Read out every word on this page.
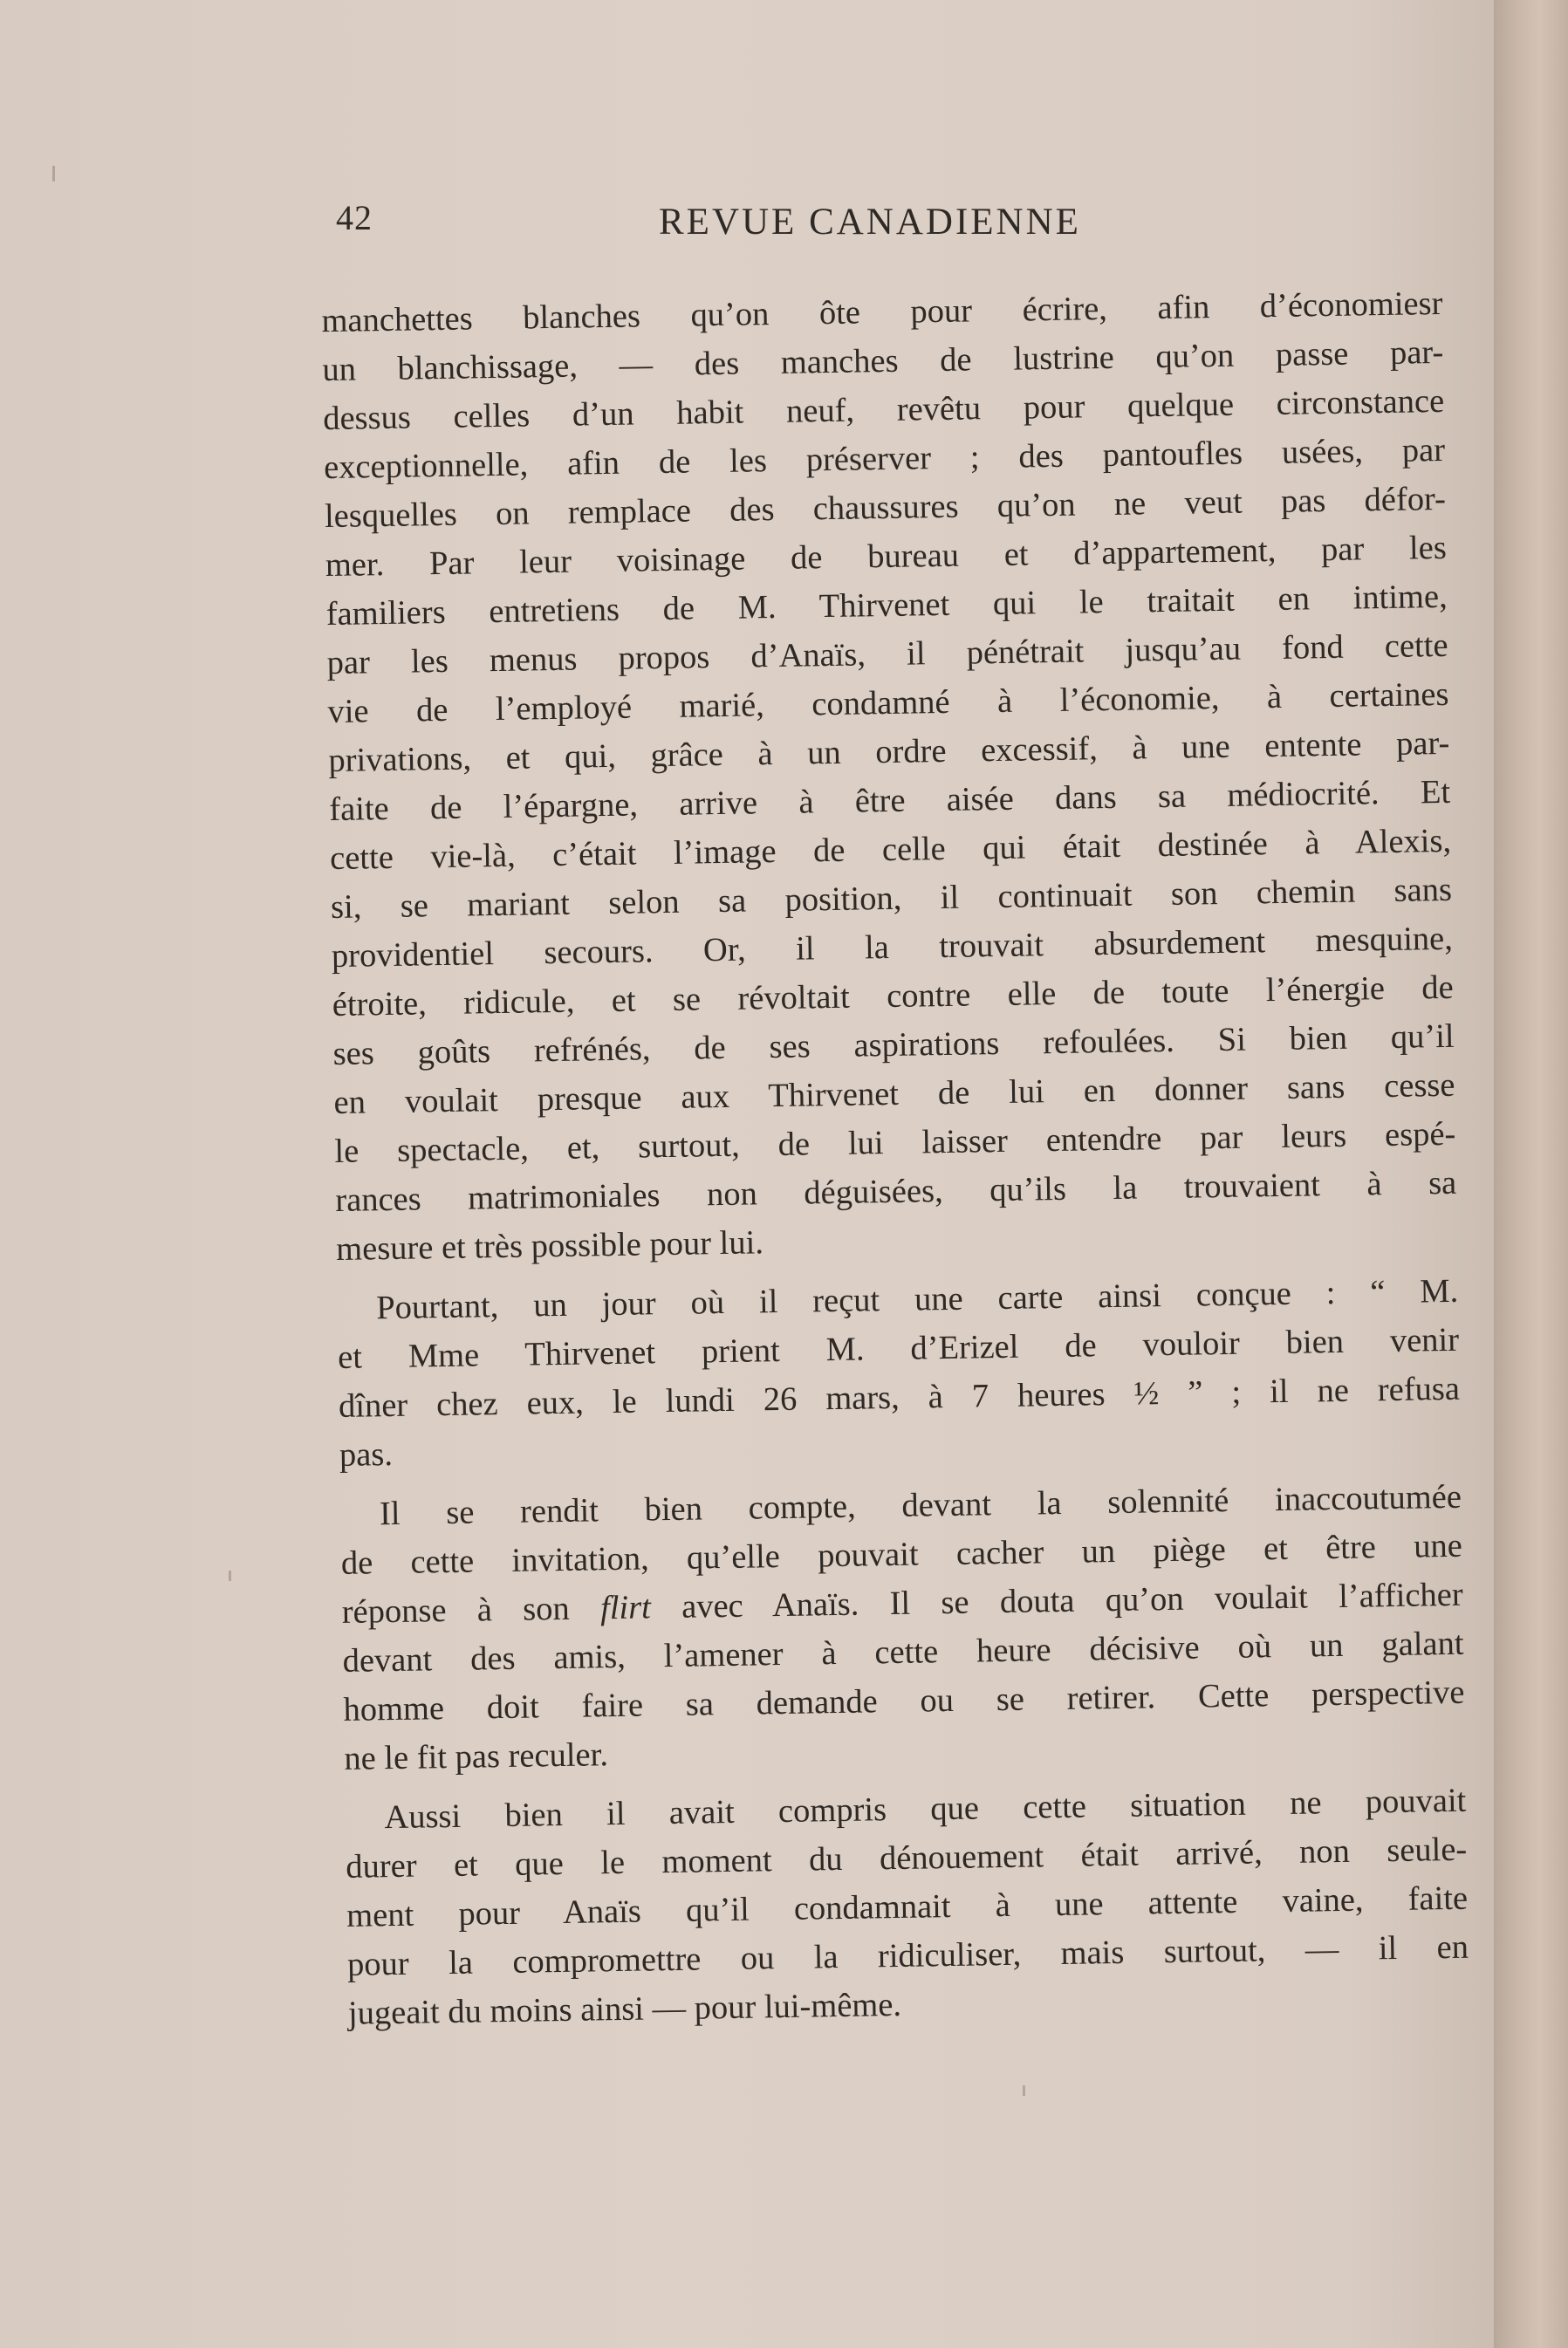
42	REVUE CANADIENNE

manchettes blanches qu’on ôte pour écrire, afin d’économiesr
un blanchissage, — des manches de lustrine qu’on passe par-
dessus celles d’un habit neuf, revêtu pour quelque circonstance
exceptionnelle, afin de les préserver ; des pantoufles usées, par
lesquelles on remplace des chaussures qu’on ne veut pas défor-
mer. Par leur voisinage de bureau et d’appartement, par les
familiers entretiens de M. Thirvenet qui le traitait en intime,
par les menus propos d’Anaïs, il pénétrait jusqu’au fond cette
vie de l’employé marié, condamné à l’économie, à certaines
privations, et qui, grâce à un ordre excessif, à une entente par-
faite de l’épargne, arrive à être aisée dans sa médiocrité. Et
cette vie-là, c’était l’image de celle qui était destinée à Alexis,
si, se mariant selon sa position, il continuait son chemin sans
providentiel secours. Or, il la trouvait absurdement mesquine,
étroite, ridicule, et se révoltait contre elle de toute l’énergie de
ses goûts refrénés, de ses aspirations refoulées. Si bien qu’il
en voulait presque aux Thirvenet de lui en donner sans cesse
le spectacle, et, surtout, de lui laisser entendre par leurs espé-
rances matrimoniales non déguisées, qu’ils la trouvaient à sa
mesure et très possible pour lui.

Pourtant, un jour où il reçut une carte ainsi conçue : “ M.
et Mme Thirvenet prient M. d’Erizel de vouloir bien venir
dîner chez eux, le lundi 26 mars, à 7 heures ½ ” ; il ne refusa
pas.

Il se rendit bien compte, devant la solennité inaccoutumée
de cette invitation, qu’elle pouvait cacher un piège et être une
réponse à son flirt avec Anaïs. Il se douta qu’on voulait l’afficher
devant des amis, l’amener à cette heure décisive où un galant
homme doit faire sa demande ou se retirer. Cette perspective
ne le fit pas reculer.

Aussi bien il avait compris que cette situation ne pouvait
durer et que le moment du dénouement était arrivé, non seule-
ment pour Anaïs qu’il condamnait à une attente vaine, faite
pour la compromettre ou la ridiculiser, mais surtout, — il en
jugeait du moins ainsi — pour lui-même.
